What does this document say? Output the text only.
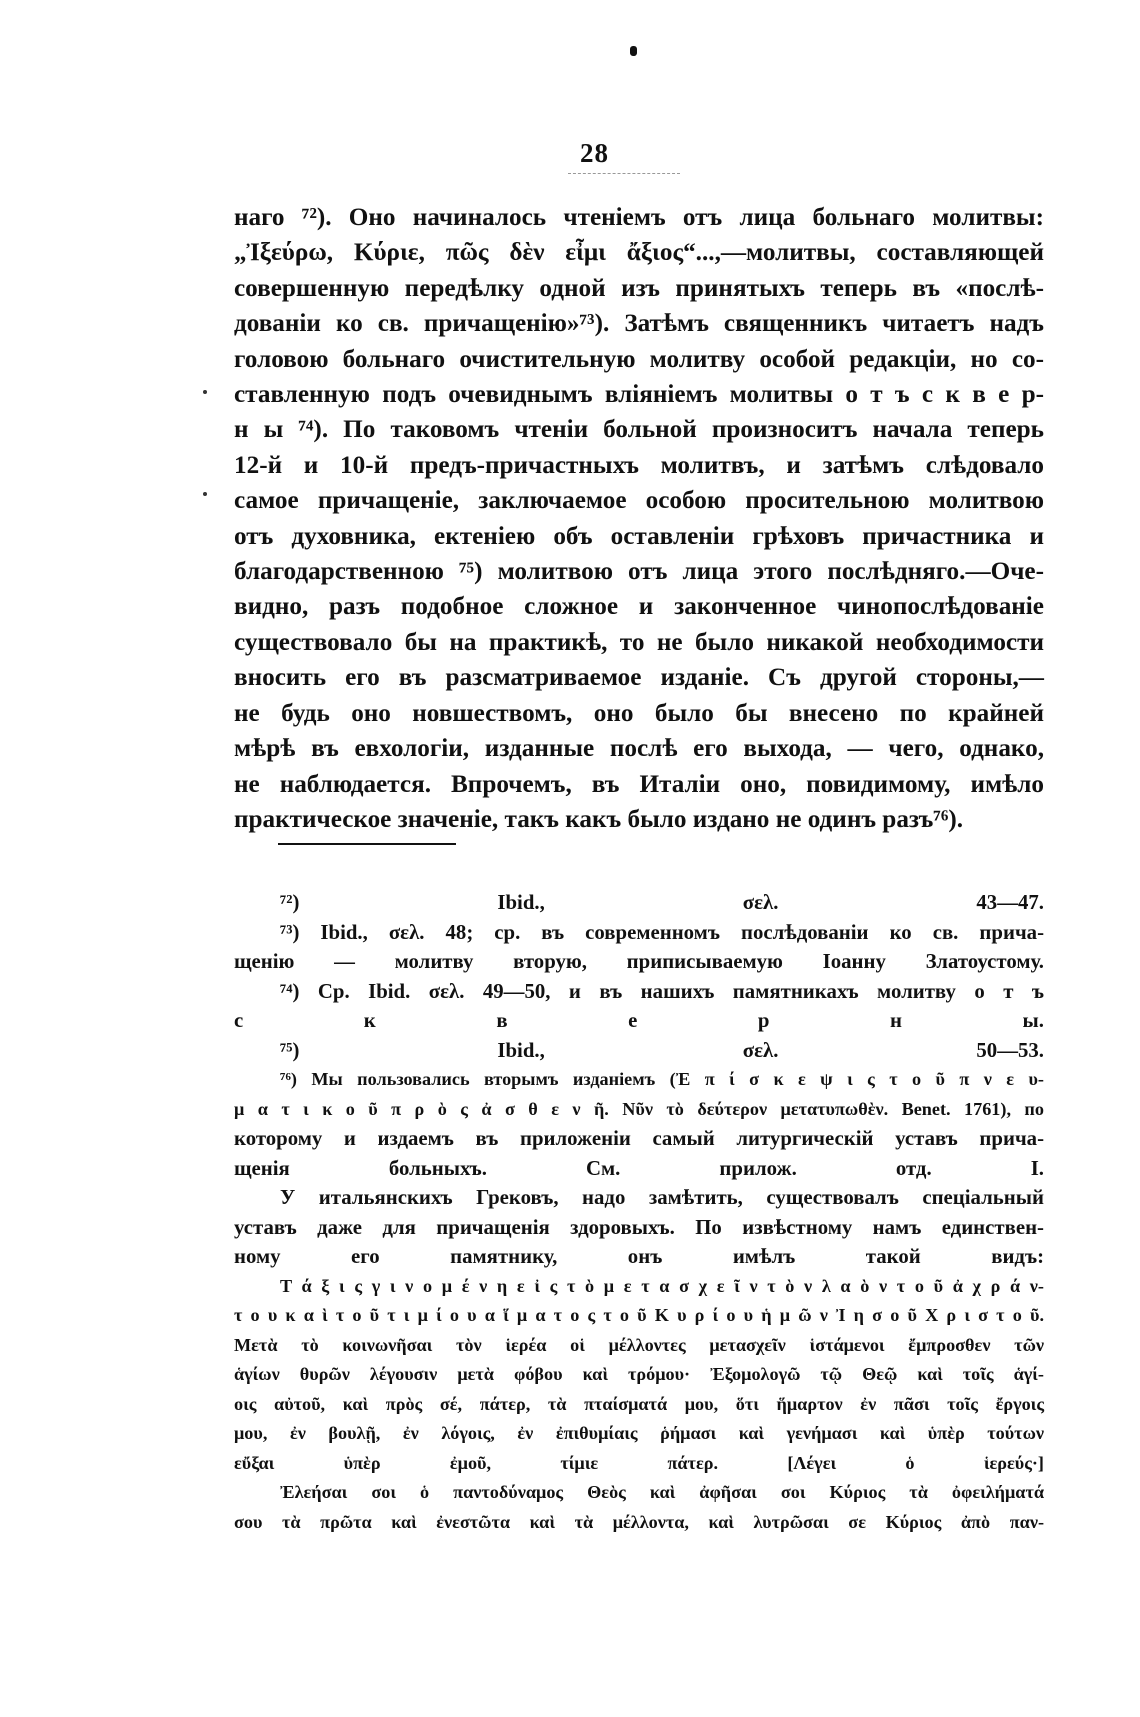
28

наго ⁷²). Оно начиналось чтеніемъ отъ лица больнаго молитвы:

„Ἰξεύρω, Κύριε, πῶς δὲν εἶμι ἄξιος“...,—молитвы, составляющей

совершенную передѣлку одной изъ принятыхъ теперь въ «послѣ-

дованіи ко св. причащенію»⁷³). Затѣмъ священникъ читаетъ надъ

головою больнаго очистительную молитву особой редакціи, но со-

ставленную подъ очевиднымъ вліяніемъ молитвы о т ъ с к в е р-

н ы ⁷⁴). По таковомъ чтеніи больной произноситъ начала теперь

12-й и 10-й предъ-причастныхъ молитвъ, и затѣмъ слѣдовало

самое причащеніе, заключаемое особою просительною молитвою

отъ духовника, ектеніею объ оставленіи грѣховъ причастника и

благодарственною ⁷⁵) молитвою отъ лица этого послѣдняго.—Оче-

видно, разъ подобное сложное и законченное чинопослѣдованіе

существовало бы на практикѣ, то не было никакой необходимости

вносить его въ разсматриваемое изданіе. Съ другой стороны,—

не будь оно новшествомъ, оно было бы внесено по крайней

мѣрѣ въ евхологіи, изданные послѣ его выхода, — чего, однако,

не наблюдается. Впрочемъ, въ Италіи оно, повидимому, имѣло

практическое значеніе, такъ какъ было издано не одинъ разъ⁷⁶).

⁷²) Ibid., σελ. 43—47.

⁷³) Ibid., σελ. 48; ср. въ современномъ послѣдованіи ко св. прича-

щенію — молитву вторую, приписываемую Іоанну Златоустому.

⁷⁴) Ср. Ibid. σελ. 49—50, и въ нашихъ памятникахъ молитву о т ъ

с к в е р н ы.

⁷⁵) Ibid., σελ. 50—53.

⁷⁶) Мы пользовались вторымъ изданіемъ (Ἐ π ί σ κ ε ψ ι ς τ ο ῦ π ν ε υ-

μ α τ ι κ ο ῦ π ρ ὸ ς ἀ σ θ ε ν ῆ. Νῦν τὸ δεύτερον μετατυπωθὲν. Benet. 1761), по

которому и издаемъ въ приложеніи самый литургическій уставъ прича-

щенія больныхъ. См. прилож. отд. I.

У итальянскихъ Грековъ, надо замѣтить, существовалъ спеціальный

уставъ даже для причащенія здоровыхъ. По извѣстному намъ единствен-

ному его памятнику, онъ имѣлъ такой видъ:

Τ ά ξ ι ς γ ι ν ο μ έ ν η ε ἰ ς τ ὸ μ ε τ α σ χ ε ῖ ν τ ὸ ν λ α ὸ ν τ ο ῦ ἀ χ ρ ά ν-

τ ο υ κ α ὶ τ ο ῦ τ ι μ ί ο υ α ἵ μ α τ ο ς τ ο ῦ Κ υ ρ ί ο υ ἡ μ ῶ ν Ἰ η σ ο ῦ Χ ρ ι σ τ ο ῦ.

Μετὰ τὸ κοινωνῆσαι τὸν ἱερέα οἱ μέλλοντες μετασχεῖν ἱστάμενοι ἔμπροσθεν τῶν

ἁγίων θυρῶν λέγουσιν μετὰ φόβου καὶ τρόμου· Ἐξομολογῶ τῷ Θεῷ καὶ τοῖς ἁγί-

οις αὐτοῦ, καὶ πρὸς σέ, πάτερ, τὰ πταίσματά μου, ὅτι ἥμαρτον ἐν πᾶσι τοῖς ἔργοις

μου, ἐν βουλῇ, ἐν λόγοις, ἐν ἐπιθυμίαις ῥήμασι καὶ γενήμασι καὶ ὑπὲρ τούτων

εὔξαι ὑπὲρ ἐμοῦ, τίμιε πάτερ. [Λέγει ὁ ἱερεύς·]

Ἐλεήσαι σοι ὁ παντοδύναμος Θεὸς καὶ ἀφῆσαι σοι Κύριος τὰ ὀφειλήματά

σου τὰ πρῶτα καὶ ἐνεστῶτα καὶ τὰ μέλλοντα, καὶ λυτρῶσαι σε Κύριος ἀπὸ παν-
